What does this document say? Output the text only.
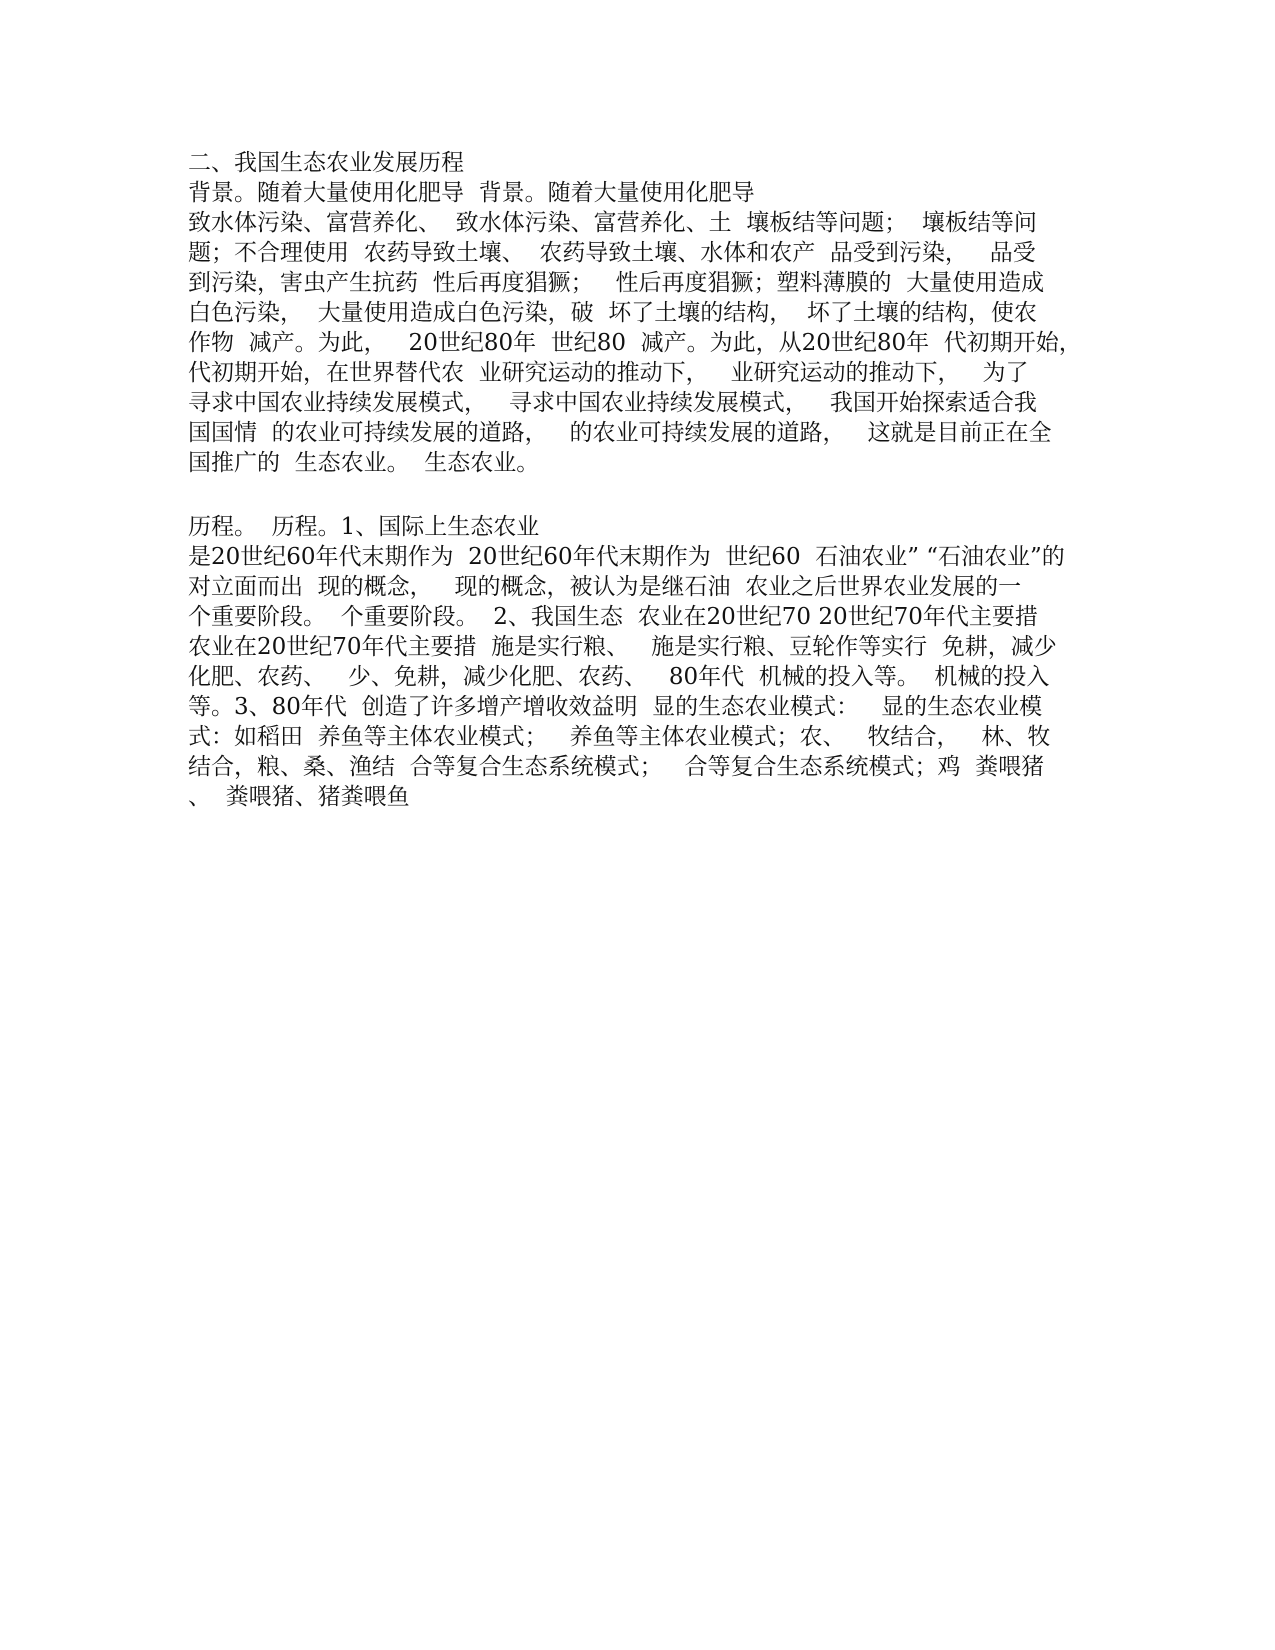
二、我国生态农业发展历程
背景。随着大量使用化肥导  背景。随着大量使用化肥导
致水体污染、富营养化、  致水体污染、富营养化、土  壤板结等问题；  壤板结等问
题；不合理使用  农药导致土壤、  农药导致土壤、水体和农产  品受到污染，   品受
到污染，害虫产生抗药  性后再度猖獗；   性后再度猖獗；塑料薄膜的  大量使用造成
白色污染，  大量使用造成白色污染，破  坏了土壤的结构，  坏了土壤的结构，使农
作物  减产。为此，   20世纪80年  世纪80  减产。为此，从20世纪80年  代初期开始，
代初期开始，在世界替代农  业研究运动的推动下，   业研究运动的推动下，   为了
寻求中国农业持续发展模式，   寻求中国农业持续发展模式，   我国开始探索适合我
国国情  的农业可持续发展的道路，   的农业可持续发展的道路，   这就是目前正在全
国推广的  生态农业。  生态农业。
历程。  历程。1、国际上生态农业
是20世纪60年代末期作为  20世纪60年代末期作为  世纪60  石油农业” “石油农业”的
对立面而出  现的概念，   现的概念，被认为是继石油  农业之后世界农业发展的一
个重要阶段。  个重要阶段。  2、我国生态  农业在20世纪70 20世纪70年代主要措
农业在20世纪70年代主要措  施是实行粮、   施是实行粮、豆轮作等实行  免耕，减少
化肥、农药、   少、免耕，减少化肥、农药、   80年代  机械的投入等。  机械的投入
等。3、80年代  创造了许多增产增收效益明  显的生态农业模式：   显的生态农业模
式：如稻田  养鱼等主体农业模式；   养鱼等主体农业模式；农、   牧结合，   林、牧
结合，粮、桑、渔结  合等复合生态系统模式；   合等复合生态系统模式；鸡  粪喂猪
、  粪喂猪、猪粪喂鱼
